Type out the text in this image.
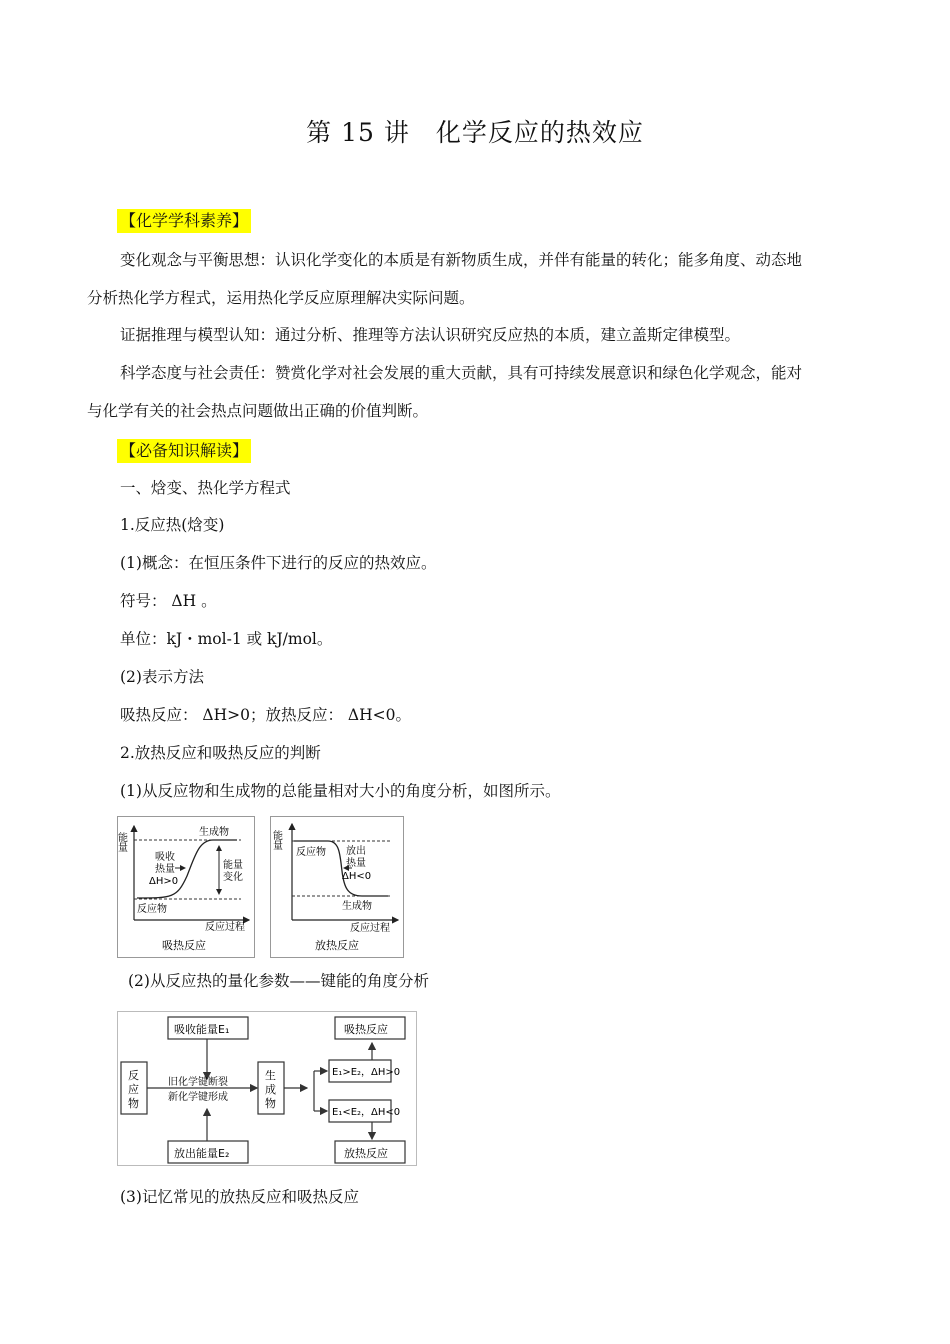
第 15 讲　化学反应的热效应
【化学学科素养】
变化观念与平衡思想：认识化学变化的本质是有新物质生成，并伴有能量的转化；能多角度、动态地
分析热化学方程式，运用热化学反应原理解决实际问题。
证据推理与模型认知：通过分析、推理等方法认识研究反应热的本质，建立盖斯定律模型。
科学态度与社会责任：赞赏化学对社会发展的重大贡献，具有可持续发展意识和绿色化学观念，能对
与化学有关的社会热点问题做出正确的价值判断。
【必备知识解读】
一、焓变、热化学方程式
1.反应热(焓变)
(1)概念：在恒压条件下进行的反应的热效应。
符号： ΔH 。
单位：kJ・mol-1 或 kJ/mol。
(2)表示方法
吸热反应： ΔH>0；放热反应： ΔH<0。
2.放热反应和吸热反应的判断
(1)从反应物和生成物的总能量相对大小的角度分析，如图所示。
能量	生成物
反应物
吸收
热量
ΔH>0
能量
变化
反应过程
吸热反应
能量
反应物 放出
热量
ΔH<0
生成物
反应过程
放热反应
(2)从反应热的量化参数——键能的角度分析
吸收能量E₁
放出能量E₂
反
应
物
旧化学键断裂
新化学键形成
生
成
物
E₁>E₂，ΔH>0
E₁<E₂，ΔH<0
吸热反应
放热反应
(3)记忆常见的放热反应和吸热反应
